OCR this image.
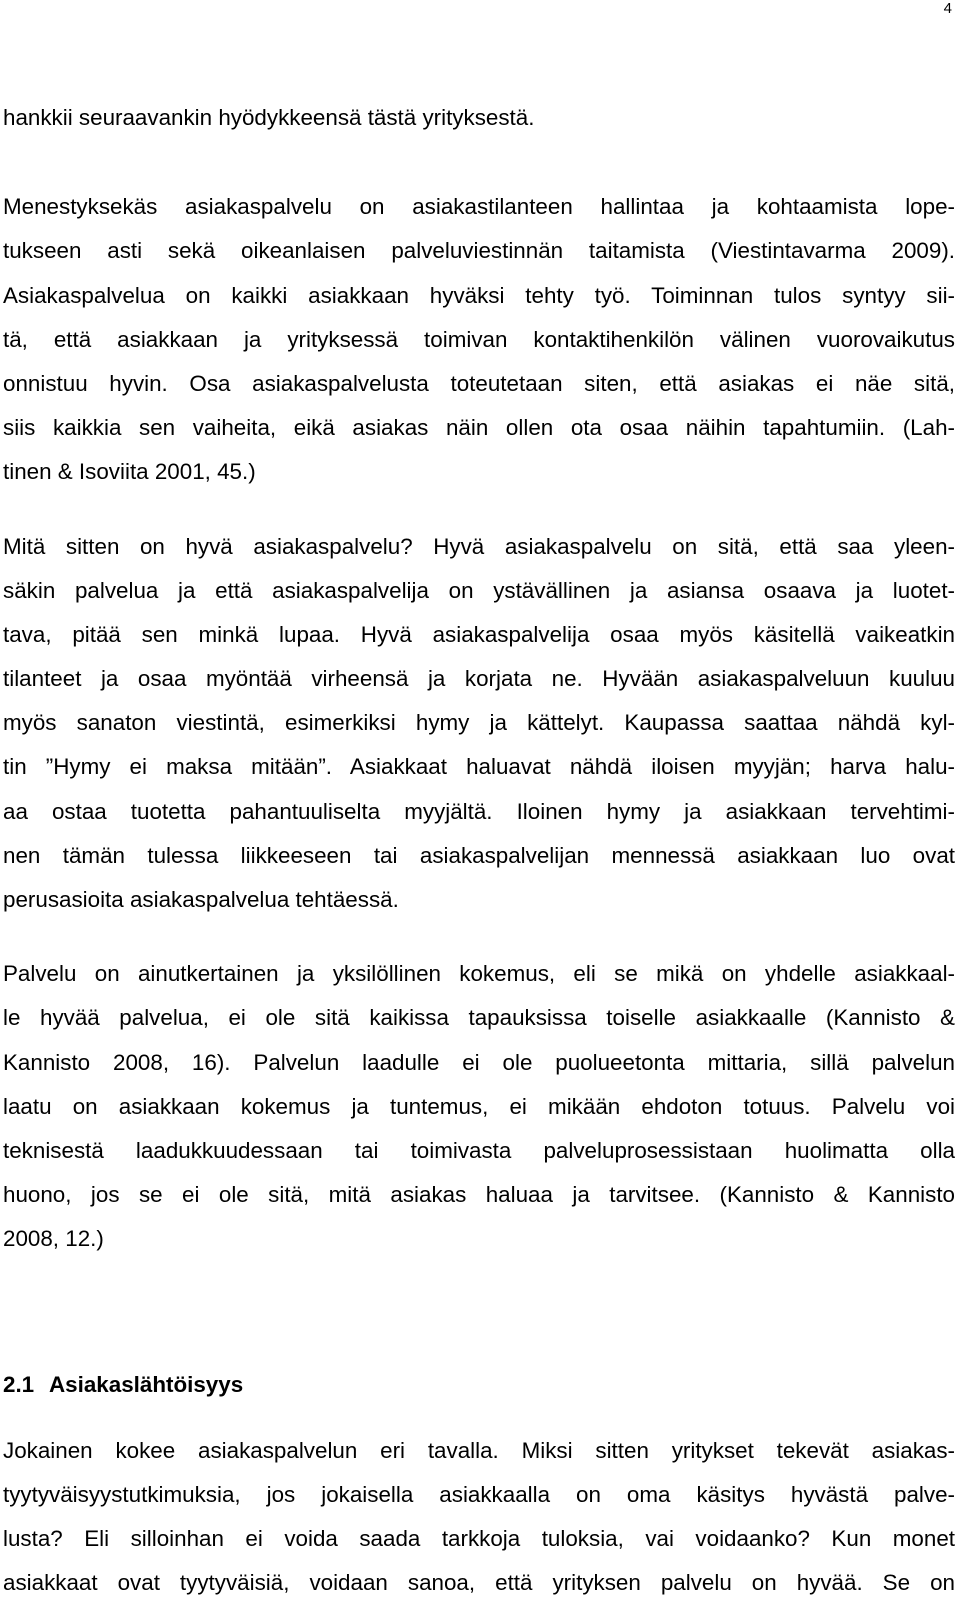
4
hankkii seuraavankin hyödykkeensä tästä yrityksestä.
Menestyksekäs asiakaspalvelu on asiakastilanteen hallintaa ja kohtaamista lope-
tukseen asti sekä oikeanlaisen palveluviestinnän taitamista (Viestintavarma 2009).
Asiakaspalvelua on kaikki asiakkaan hyväksi tehty työ. Toiminnan tulos syntyy sii-
tä, että asiakkaan ja yrityksessä toimivan kontaktihenkilön välinen vuorovaikutus
onnistuu hyvin. Osa asiakaspalvelusta toteutetaan siten, että asiakas ei näe sitä,
siis kaikkia sen vaiheita, eikä asiakas näin ollen ota osaa näihin tapahtumiin. (Lah-
tinen & Isoviita 2001, 45.)
Mitä sitten on hyvä asiakaspalvelu? Hyvä asiakaspalvelu on sitä, että saa yleen-
säkin palvelua ja että asiakaspalvelija on ystävällinen ja asiansa osaava ja luotet-
tava, pitää sen minkä lupaa. Hyvä asiakaspalvelija osaa myös käsitellä vaikeatkin
tilanteet ja osaa myöntää virheensä ja korjata ne. Hyvään asiakaspalveluun kuuluu
myös sanaton viestintä, esimerkiksi hymy ja kättelyt. Kaupassa saattaa nähdä kyl-
tin ”Hymy ei maksa mitään”. Asiakkaat haluavat nähdä iloisen myyjän; harva halu-
aa ostaa tuotetta pahantuuliselta myyjältä. Iloinen hymy ja asiakkaan tervehtimi-
nen tämän tulessa liikkeeseen tai asiakaspalvelijan mennessä asiakkaan luo ovat
perusasioita asiakaspalvelua tehtäessä.
Palvelu on ainutkertainen ja yksilöllinen kokemus, eli se mikä on yhdelle asiakkaal-
le hyvää palvelua, ei ole sitä kaikissa tapauksissa toiselle asiakkaalle (Kannisto &
Kannisto 2008, 16). Palvelun laadulle ei ole puolueetonta mittaria, sillä palvelun
laatu on asiakkaan kokemus ja tuntemus, ei mikään ehdoton totuus. Palvelu voi
teknisestä laadukkuudessaan tai toimivasta palveluprosessistaan huolimatta olla
huono, jos se ei ole sitä, mitä asiakas haluaa ja tarvitsee. (Kannisto & Kannisto
2008, 12.)
2.1 Asiakaslähtöisyys
Jokainen kokee asiakaspalvelun eri tavalla. Miksi sitten yritykset tekevät asiakas-
tyytyväisyystutkimuksia, jos jokaisella asiakkaalla on oma käsitys hyvästä palve-
lusta? Eli silloinhan ei voida saada tarkkoja tuloksia, vai voidaanko? Kun monet
asiakkaat ovat tyytyväisiä, voidaan sanoa, että yrityksen palvelu on hyvää. Se on
